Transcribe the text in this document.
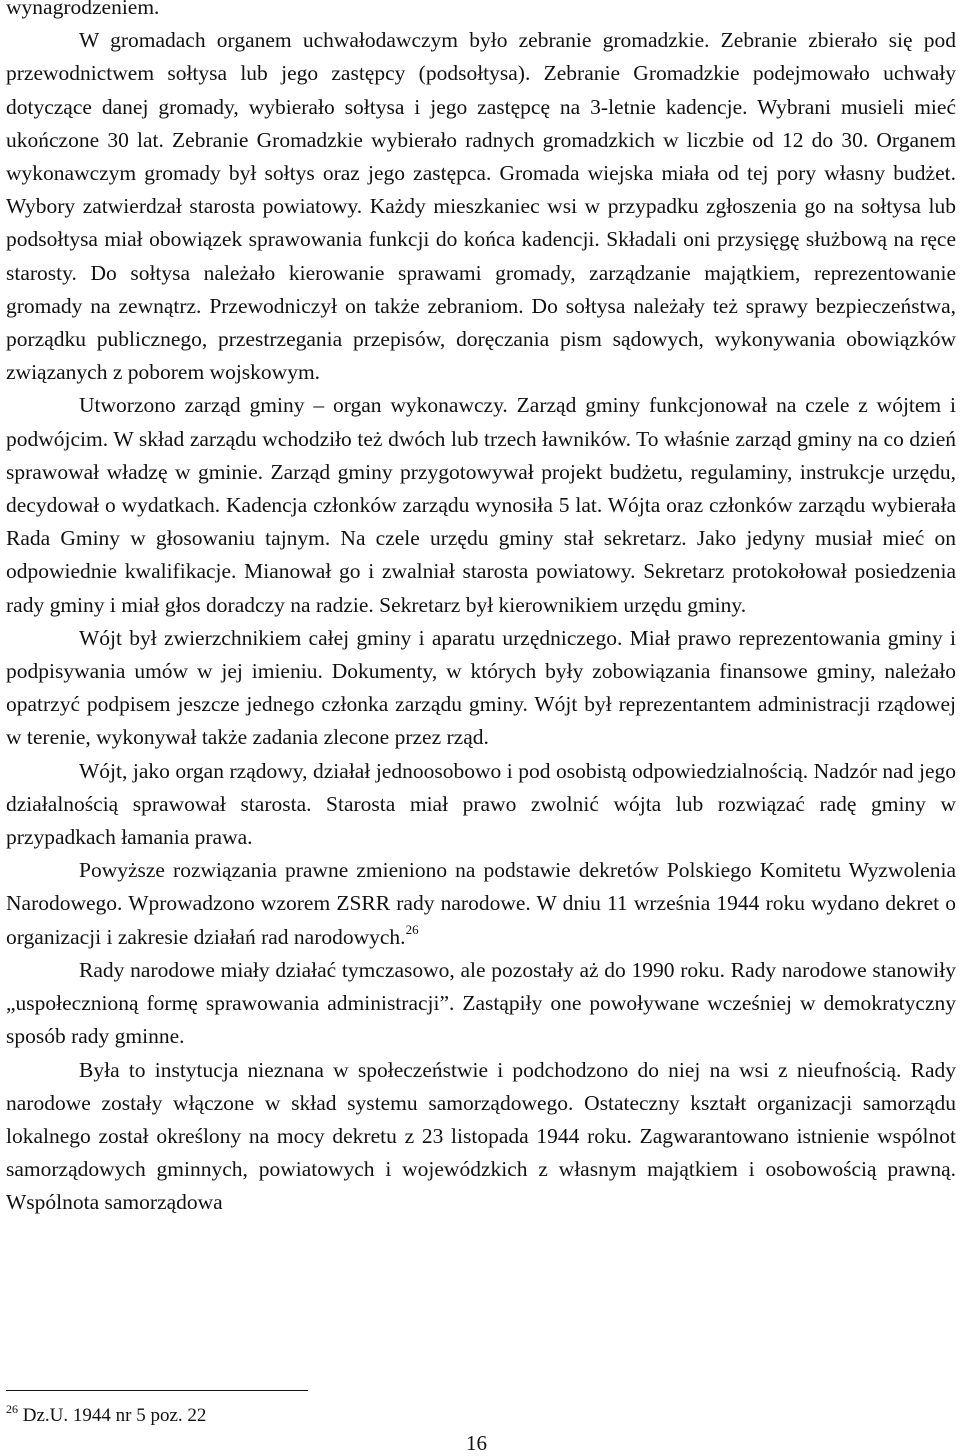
wynagrodzeniem.

W gromadach organem uchwałodawczym było zebranie gromadzkie. Zebranie zbierało się pod przewodnictwem sołtysa lub jego zastępcy (podsołtysa). Zebranie Gromadzkie podejmowało uchwały dotyczące danej gromady, wybierało sołtysa i jego zastępcę na 3-letnie kadencje. Wybrani musieli mieć ukończone 30 lat. Zebranie Gromadzkie wybierało radnych gromadzkich w liczbie od 12 do 30. Organem wykonawczym gromady był sołtys oraz jego zastępca. Gromada wiejska miała od tej pory własny budżet. Wybory zatwierdzał starosta powiatowy. Każdy mieszkaniec wsi w przypadku zgłoszenia go na sołtysa lub podsołtysa miał obowiązek sprawowania funkcji do końca kadencji. Składali oni przysięgę służbową na ręce starosty. Do sołtysa należało kierowanie sprawami gromady, zarządzanie majątkiem, reprezentowanie gromady na zewnątrz. Przewodniczył on także zebraniom. Do sołtysa należały też sprawy bezpieczeństwa, porządku publicznego, przestrzegania przepisów, doręczania pism sądowych, wykonywania obowiązków związanych z poborem wojskowym.

Utworzono zarząd gminy – organ wykonawczy. Zarząd gminy funkcjonował na czele z wójtem i podwójcim. W skład zarządu wchodziło też dwóch lub trzech ławników. To właśnie zarząd gminy na co dzień sprawował władzę w gminie. Zarząd gminy przygotowywał projekt budżetu, regulaminy, instrukcje urzędu, decydował o wydatkach. Kadencja członków zarządu wynosiła 5 lat. Wójta oraz członków zarządu wybierała Rada Gminy w głosowaniu tajnym. Na czele urzędu gminy stał sekretarz. Jako jedyny musiał mieć on odpowiednie kwalifikacje. Mianował go i zwalniał starosta powiatowy. Sekretarz protokołował posiedzenia rady gminy i miał głos doradczy na radzie. Sekretarz był kierownikiem urzędu gminy.

Wójt był zwierzchnikiem całej gminy i aparatu urzędniczego. Miał prawo reprezentowania gminy i podpisywania umów w jej imieniu. Dokumenty, w których były zobowiązania finansowe gminy, należało opatrzyć podpisem jeszcze jednego członka zarządu gminy. Wójt był reprezentantem administracji rządowej w terenie, wykonywał także zadania zlecone przez rząd.

Wójt, jako organ rządowy, działał jednoosobowo i pod osobistą odpowiedzialnością. Nadzór nad jego działalnością sprawował starosta. Starosta miał prawo zwolnić wójta lub rozwiązać radę gminy w przypadkach łamania prawa.

Powyższe rozwiązania prawne zmieniono na podstawie dekretów Polskiego Komitetu Wyzwolenia Narodowego. Wprowadzono wzorem ZSRR rady narodowe. W dniu 11 września 1944 roku wydano dekret o organizacji i zakresie działań rad narodowych.$^{26}$

Rady narodowe miały działać tymczasowo, ale pozostały aż do 1990 roku. Rady narodowe stanowiły „uspołecznioną formę sprawowania administracji”. Zastąpiły one powoływane wcześniej w demokratyczny sposób rady gminne.

Była to instytucja nieznana w społeczeństwie i podchodzono do niej na wsi z nieufnością. Rady narodowe zostały włączone w skład systemu samorządowego. Ostateczny kształt organizacji samorządu lokalnego został określony na mocy dekretu z 23 listopada 1944 roku. Zagwarantowano istnienie wspólnot samorządowych gminnych, powiatowych i wojewódzkich z własnym majątkiem i osobowością prawną. Wspólnota samorządowa

$^{26}$ Dz.U. 1944 nr 5 poz. 22
16
